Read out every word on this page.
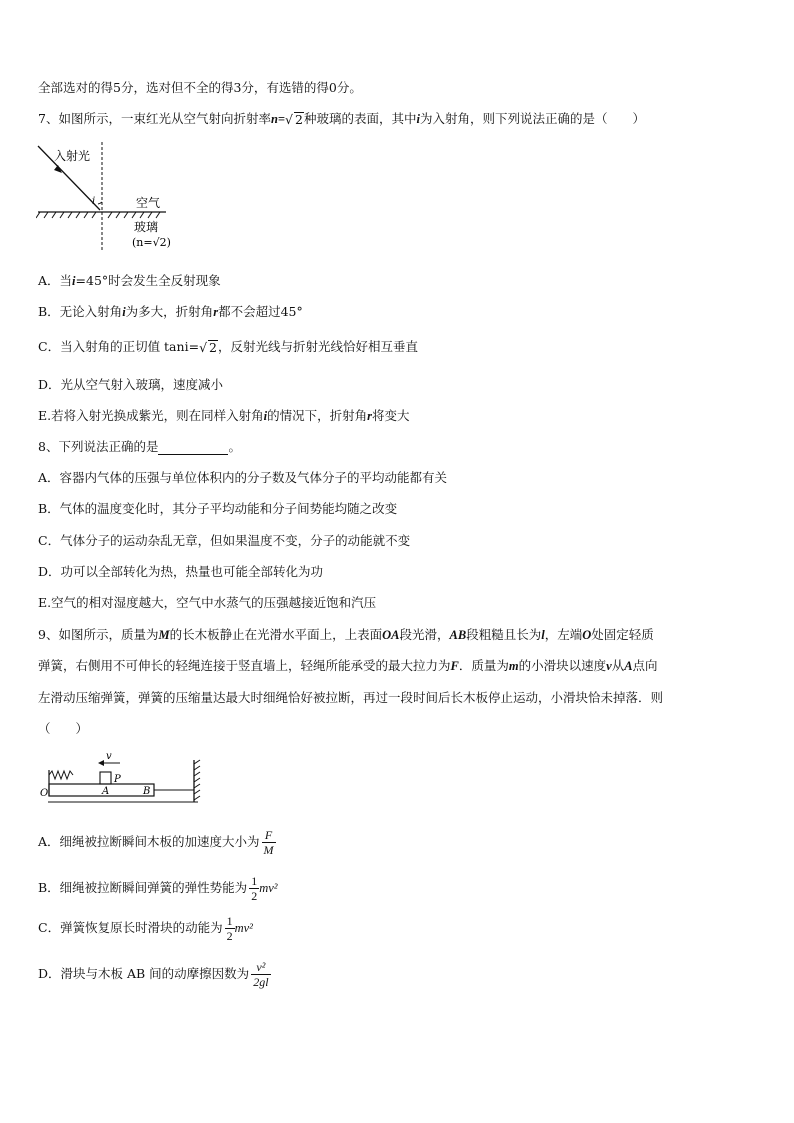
全部选对的得5分，选对但不全的得3分，有选错的得0分。
7、如图所示，一束红光从空气射向折射率n=√ 2种玻璃的表面，其中i为入射角，则下列说法正确的是（　　）
i
入射光
空气
玻璃
(n=√2)
A．当i=45°时会发生全反射现象
B．无论入射角i为多大，折射角r都不会超过45°
C．当入射角的正切值 tani=√ 2，反射光线与折射光线恰好相互垂直
D．光从空气射入玻璃，速度减小
E.若将入射光换成紫光，则在同样入射角i的情况下，折射角r将变大
8、下列说法正确的是	。
A．容器内气体的压强与单位体积内的分子数及气体分子的平均动能都有关
B．气体的温度变化时，其分子平均动能和分子间势能均随之改变
C．气体分子的运动杂乱无章，但如果温度不变，分子的动能就不变
D．功可以全部转化为热，热量也可能全部转化为功
E.空气的相对湿度越大，空气中水蒸气的压强越接近饱和汽压
9、如图所示，质量为M的长木板静止在光滑水平面上，上表面OA段光滑，AB段粗糙且长为l，左端O处固定轻质
弹簧，右侧用不可伸长的轻绳连接于竖直墙上，轻绳所能承受的最大拉力为F．质量为m的小滑块以速度v从A点向
左滑动压缩弹簧，弹簧的压缩量达最大时细绳恰好被拉断，再过一段时间后长木板停止运动，小滑块恰未掉落．则
（　　）
v
P
O	A	B
A．细绳被拉断瞬间木板的加速度大小为 $\frac{F}{M}$
B．细绳被拉断瞬间弹簧的弹性势能为 $\frac{1}{2} mv^2$
C．弹簧恢复原长时滑块的动能为 $\frac{1}{2} mv^2$
D．滑块与木板 AB 间的动摩擦因数为 $\frac{\text{v²}}{2gl}$
